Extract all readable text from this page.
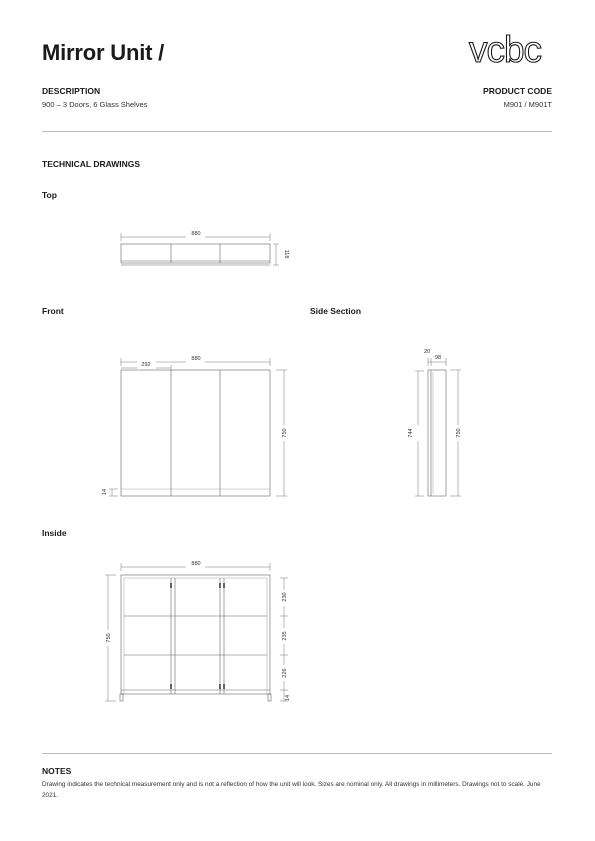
Mirror Unit /	vcbc
DESCRIPTION
900 – 3 Doors, 6 Glass Shelves
PRODUCT CODE
M901 / M901T
TECHNICAL DRAWINGS
Top
Front	Side Section
Inside
880
118
880
292
750
14
20
98
744	750
880
750
230
235
226
14
NOTES
Drawing indicates the technical measurement only and is not a reflection of how the unit will look. Sizes are nominal only. All drawings in millimeters. Drawings not to scale. June 2021.
